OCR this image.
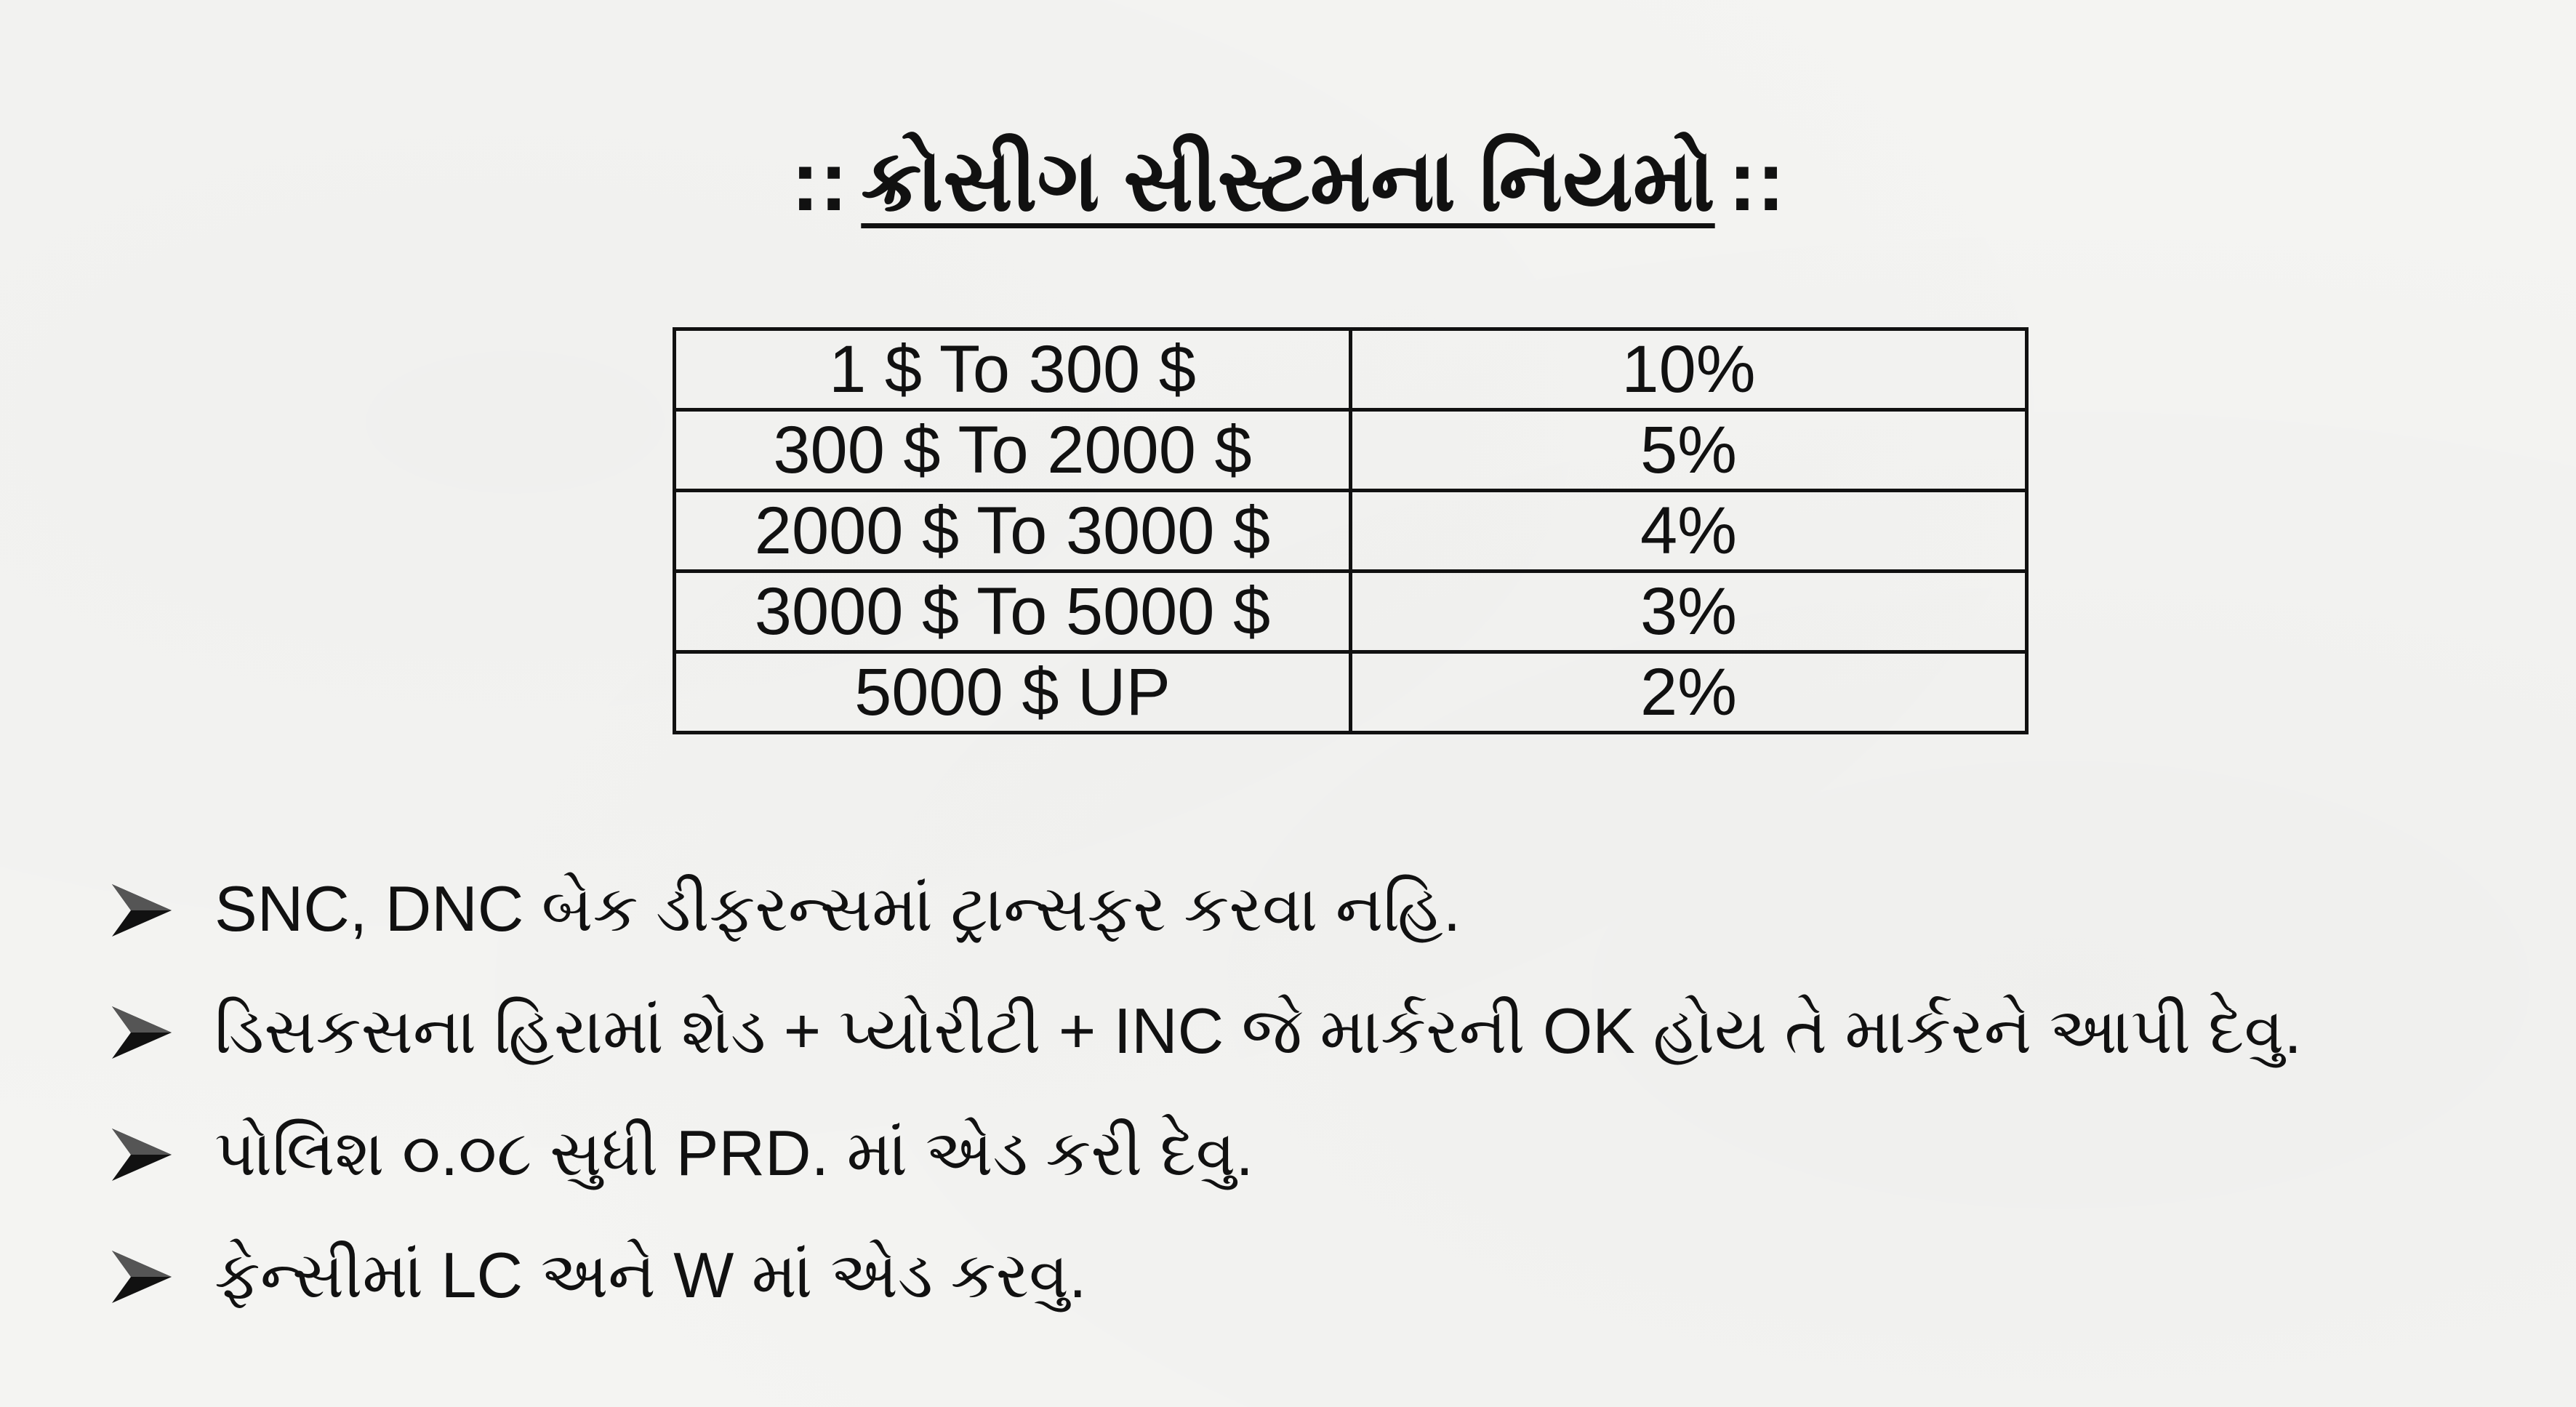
:: ક્રોસીગ સીસ્ટમના નિયમો ::
1 $ To 300 $	10%
300 $ To 2000 $	5%
2000 $ To 3000 $	4%
3000 $ To 5000 $	3%
5000 $ UP	2%
SNC, DNC બેક ડીફરન્સમાં ટ્રાન્સફર કરવા નહિ.
ડિસકસના હિરામાં શેડ + પ્યોરીટી + INC જે માર્કરની OK હોય તે માર્કરને આપી દેવુ.
પોલિશ ૦.૦૮ સુધી PRD. માં એડ કરી દેવુ.
ફેન્સીમાં LC અને W માં એડ કરવુ.
